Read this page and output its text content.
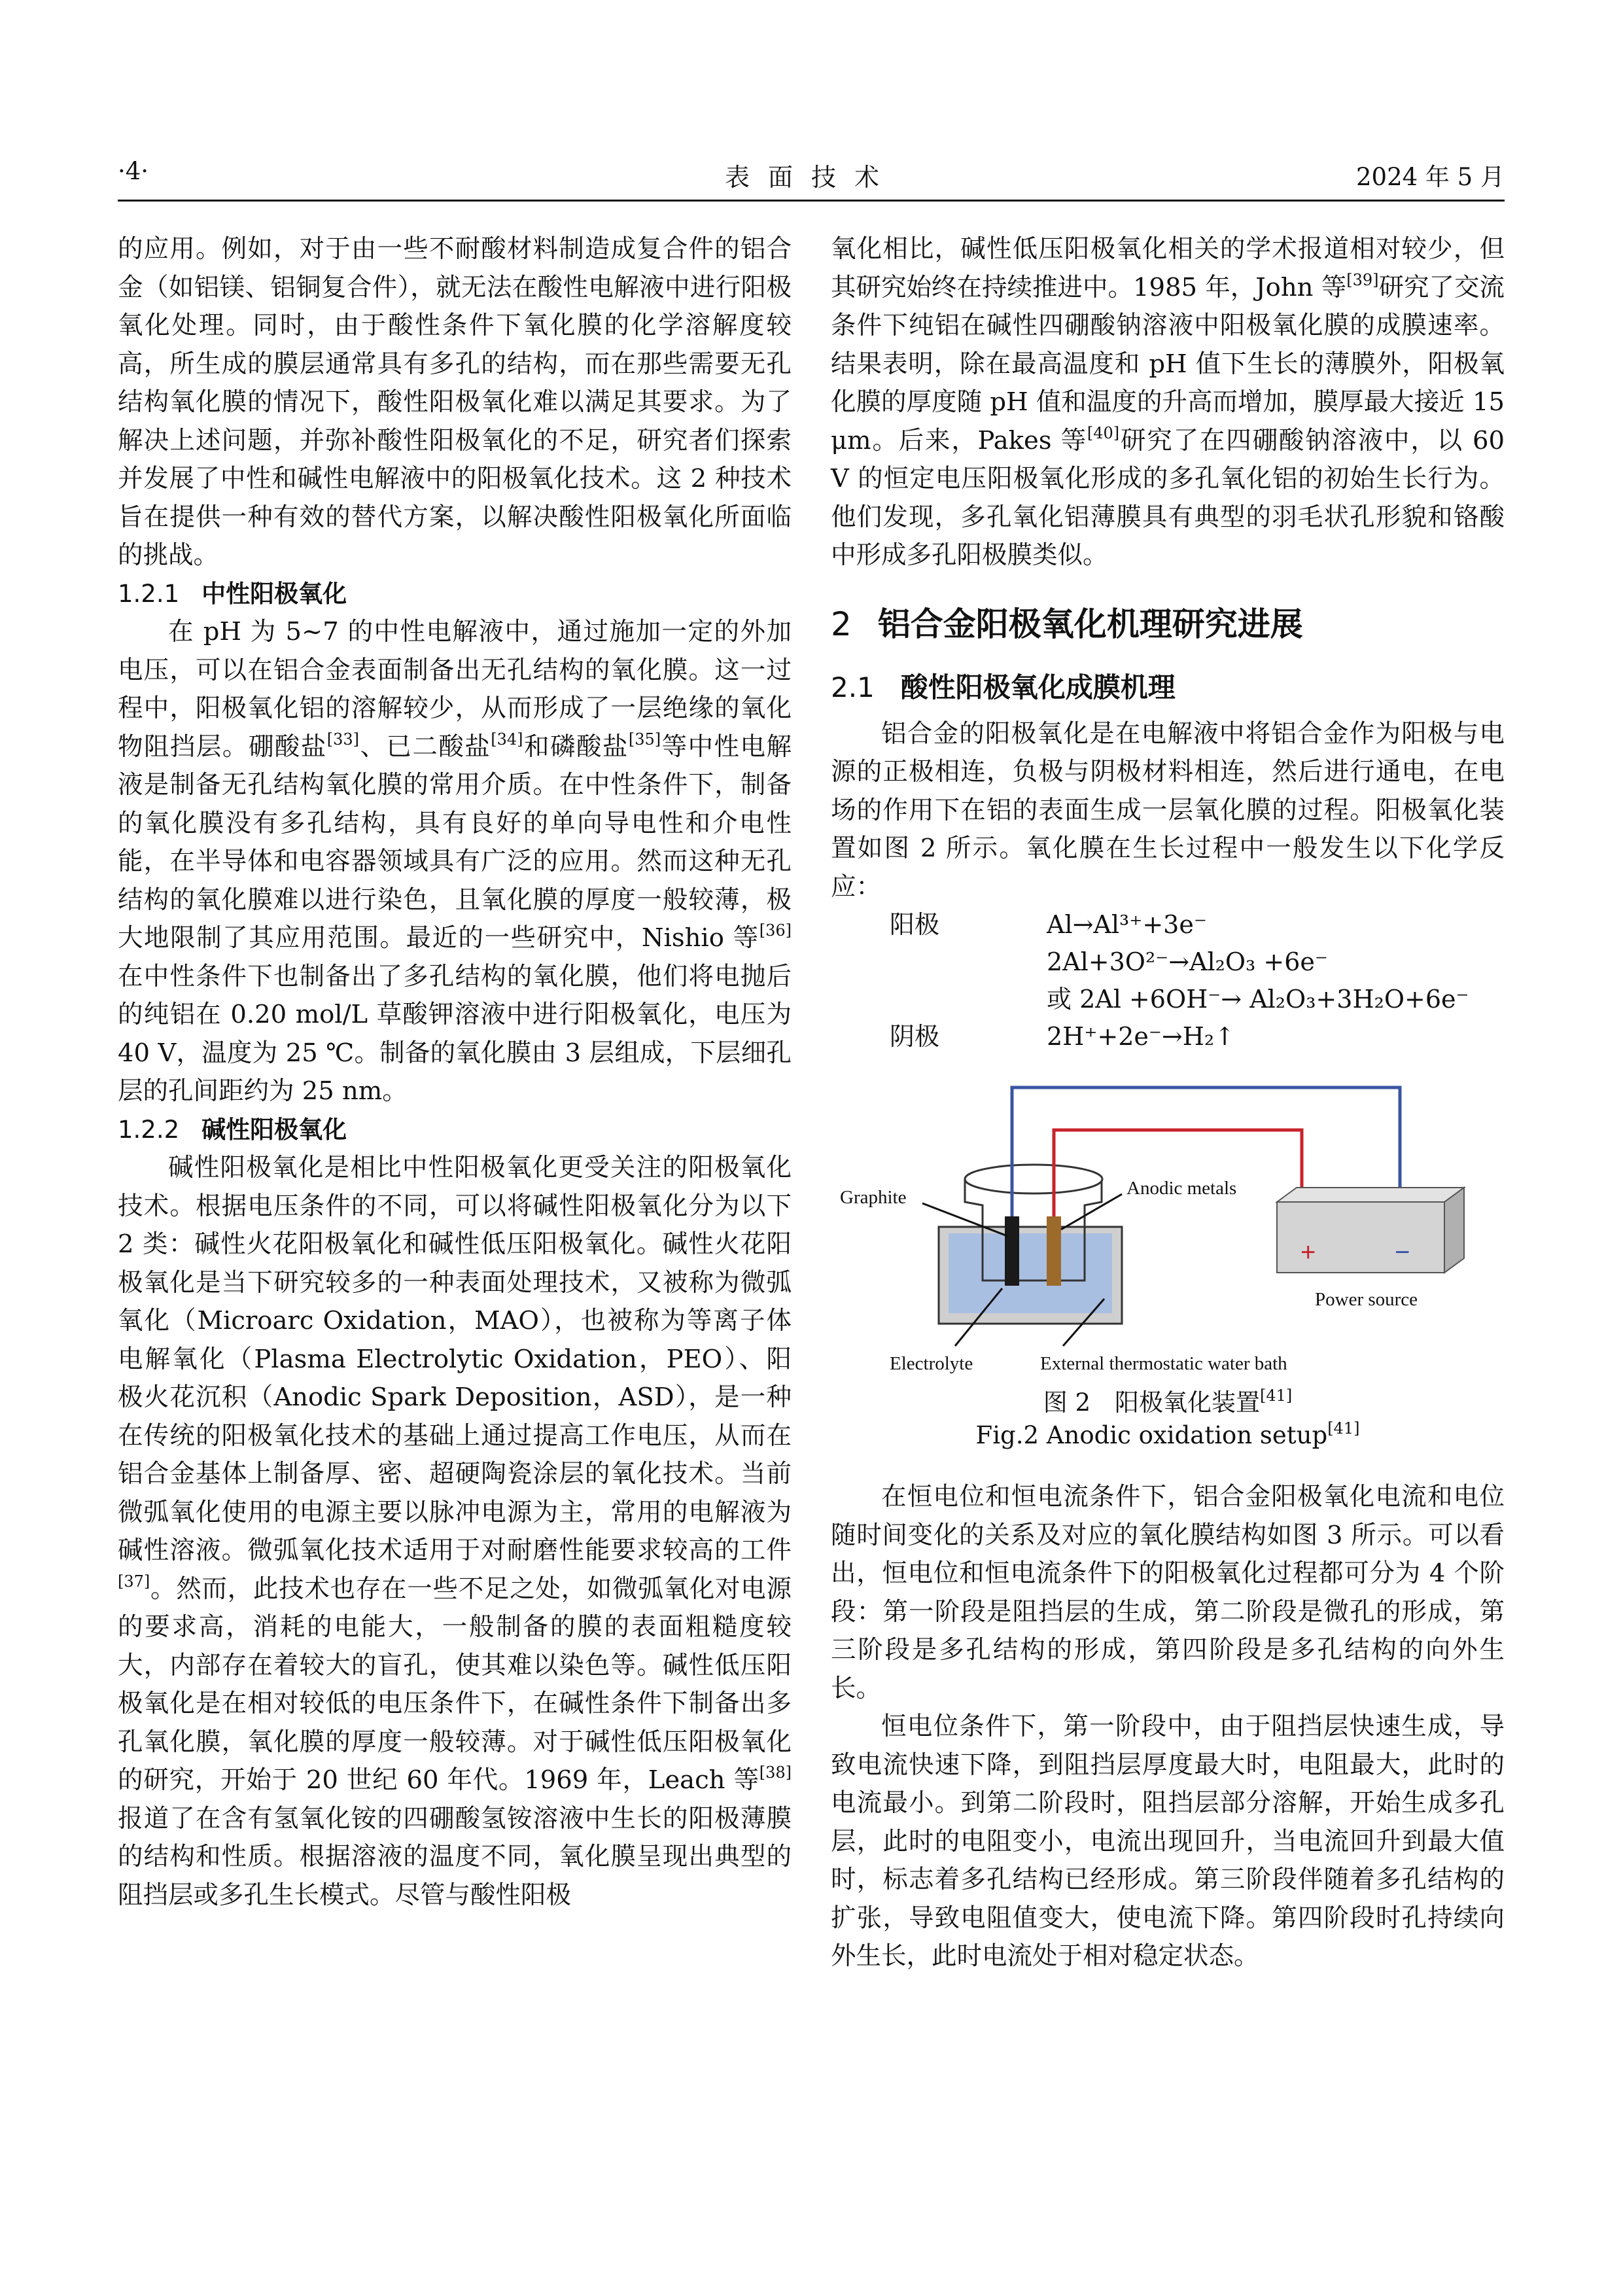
·4·	表面技术	2024 年 5 月

的应用。例如，对于由一些不耐酸材料制造成复合件的铝合金（如铝镁、铝铜复合件），就无法在酸性电解液中进行阳极氧化处理。同时，由于酸性条件下氧化膜的化学溶解度较高，所生成的膜层通常具有多孔的结构，而在那些需要无孔结构氧化膜的情况下，酸性阳极氧化难以满足其要求。为了解决上述问题，并弥补酸性阳极氧化的不足，研究者们探索并发展了中性和碱性电解液中的阳极氧化技术。这 2 种技术旨在提供一种有效的替代方案，以解决酸性阳极氧化所面临的挑战。

1.2.1 中性阳极氧化

在 pH 为 5~7 的中性电解液中，通过施加一定的外加电压，可以在铝合金表面制备出无孔结构的氧化膜。这一过程中，阳极氧化铝的溶解较少，从而形成了一层绝缘的氧化物阻挡层。硼酸盐[33]、已二酸盐[34]和磷酸盐[35]等中性电解液是制备无孔结构氧化膜的常用介质。在中性条件下，制备的氧化膜没有多孔结构，具有良好的单向导电性和介电性能，在半导体和电容器领域具有广泛的应用。然而这种无孔结构的氧化膜难以进行染色，且氧化膜的厚度一般较薄，极大地限制了其应用范围。最近的一些研究中，Nishio 等[36]在中性条件下也制备出了多孔结构的氧化膜，他们将电抛后的纯铝在 0.20 mol/L 草酸钾溶液中进行阳极氧化，电压为 40 V，温度为 25 ℃。制备的氧化膜由 3 层组成，下层细孔层的孔间距约为 25 nm。

1.2.2 碱性阳极氧化

碱性阳极氧化是相比中性阳极氧化更受关注的阳极氧化技术。根据电压条件的不同，可以将碱性阳极氧化分为以下 2 类：碱性火花阳极氧化和碱性低压阳极氧化。碱性火花阳极氧化是当下研究较多的一种表面处理技术，又被称为微弧氧化（Microarc Oxidation，MAO），也被称为等离子体电解氧化（Plasma Electrolytic Oxidation，PEO）、阳极火花沉积（Anodic Spark Deposition，ASD），是一种在传统的阳极氧化技术的基础上通过提高工作电压，从而在铝合金基体上制备厚、密、超硬陶瓷涂层的氧化技术。当前微弧氧化使用的电源主要以脉冲电源为主，常用的电解液为碱性溶液。微弧氧化技术适用于对耐磨性能要求较高的工件[37]。然而，此技术也存在一些不足之处，如微弧氧化对电源的要求高，消耗的电能大，一般制备的膜的表面粗糙度较大，内部存在着较大的盲孔，使其难以染色等。碱性低压阳极氧化是在相对较低的电压条件下，在碱性条件下制备出多孔氧化膜，氧化膜的厚度一般较薄。对于碱性低压阳极氧化的研究，开始于 20 世纪 60 年代。1969 年，Leach 等[38]报道了在含有氢氧化铵的四硼酸氢铵溶液中生长的阳极薄膜的结构和性质。根据溶液的温度不同，氧化膜呈现出典型的阻挡层或多孔生长模式。尽管与酸性阳极

氧化相比，碱性低压阳极氧化相关的学术报道相对较少，但其研究始终在持续推进中。1985 年，John 等[39]研究了交流条件下纯铝在碱性四硼酸钠溶液中阳极氧化膜的成膜速率。结果表明，除在最高温度和 pH 值下生长的薄膜外，阳极氧化膜的厚度随 pH 值和温度的升高而增加，膜厚最大接近 15 μm。后来，Pakes 等[40]研究了在四硼酸钠溶液中，以 60 V 的恒定电压阳极氧化形成的多孔氧化铝的初始生长行为。他们发现，多孔氧化铝薄膜具有典型的羽毛状孔形貌和铬酸中形成多孔阳极膜类似。

2 铝合金阳极氧化机理研究进展
2.1 酸性阳极氧化成膜机理

铝合金的阳极氧化是在电解液中将铝合金作为阳极与电源的正极相连，负极与阴极材料相连，然后进行通电，在电场的作用下在铝的表面生成一层氧化膜的过程。阳极氧化装置如图 2 所示。氧化膜在生长过程中一般发生以下化学反应：

阳极	Al→Al³⁺+3e⁻
2Al+3O²⁻→Al₂O₃ +6e⁻
或 2Al +6OH⁻→ Al₂O₃+3H₂O+6e⁻
阴极	2H⁺+2e⁻→H₂↑
+	−
Graphite	Anodic metals
Power source
Electrolyte	External thermostatic water bath
图 2　阳极氧化装置[41]
Fig.2 Anodic oxidation setup[41]

在恒电位和恒电流条件下，铝合金阳极氧化电流和电位随时间变化的关系及对应的氧化膜结构如图 3 所示。可以看出，恒电位和恒电流条件下的阳极氧化过程都可分为 4 个阶段：第一阶段是阻挡层的生成，第二阶段是微孔的形成，第三阶段是多孔结构的形成，第四阶段是多孔结构的向外生长。

恒电位条件下，第一阶段中，由于阻挡层快速生成，导致电流快速下降，到阻挡层厚度最大时，电阻最大，此时的电流最小。到第二阶段时，阻挡层部分溶解，开始生成多孔层，此时的电阻变小，电流出现回升，当电流回升到最大值时，标志着多孔结构已经形成。第三阶段伴随着多孔结构的扩张，导致电阻值变大，使电流下降。第四阶段时孔持续向外生长，此时电流处于相对稳定状态。
